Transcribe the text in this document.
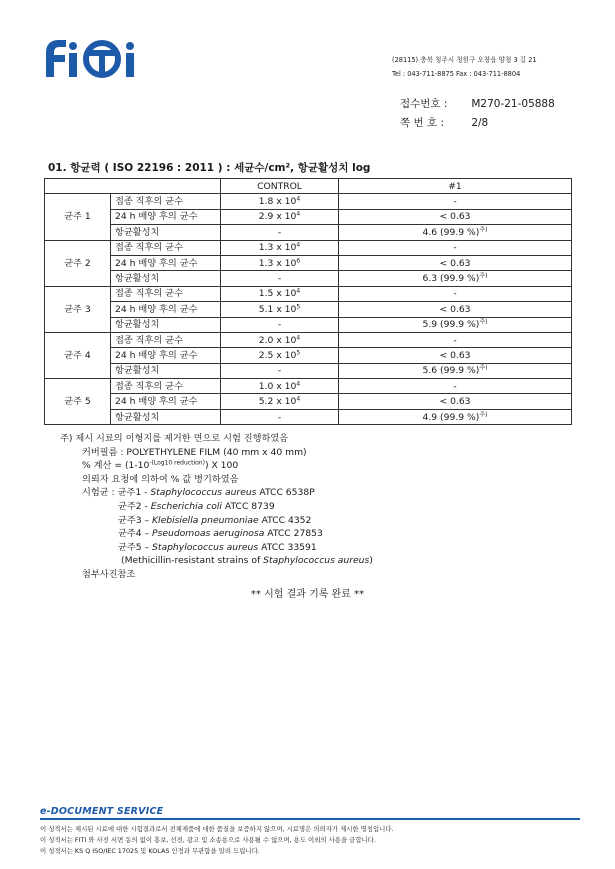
(28115) 충북 청주시 청원구 오창읍 양청 3 길 21
Tel : 043-711-8875 Fax : 043-711-8804
접수번호 : M270-21-05888
쪽 번 호 :	2/8
01. 항균력 ( ISO 22196 : 2011 ) : 세균수/cm², 항균활성치 log
		CONTROL	#1
균주 1	접종 직후의 균수	1.8 x $10^4$	-
	24 h 배양 후의 균수	2.9 x $10^4$	< 0.63
	항균활성치	-	4.6 (99.9 %)$^{주)}$
균주 2	접종 직후의 균수	1.3 x $10^4$	-
	24 h 배양 후의 균수	1.3 x $10^6$	< 0.63
	항균활성치	-	6.3 (99.9 %)$^{주)}$
균주 3	접종 직후의 균수	1.5 x $10^4$	-
	24 h 배양 후의 균수	5.1 x $10^5$	< 0.63
	항균활성치	-	5.9 (99.9 %)$^{주)}$
균주 4	접종 직후의 균수	2.0 x $10^4$	-
	24 h 배양 후의 균수	2.5 x $10^5$	< 0.63
	항균활성치	-	5.6 (99.9 %)$^{주)}$
균주 5	접종 직후의 균수	1.0 x $10^4$	-
	24 h 배양 후의 균수	5.2 x $10^4$	< 0.63
	항균활성치	-	4.9 (99.9 %)$^{주)}$
주) 제시 시료의 이형지를 제거한 면으로 시험 진행하였음
커버필름 : POLYETHYLENE FILM (40 mm x 40 mm)
% 계산 = $(1-10^{-(Log10 reduction)})$ X 100
의뢰자 요청에 의하여 % 값 병기하였음
시험균 : 균주1 - Staphylococcus aureus ATCC 6538P
균주2 - Escherichia coli ATCC 8739
균주3 – Klebisiella pneumoniae ATCC 4352
균주4 – Pseudomoas aeruginosa ATCC 27853
균주5 – Staphylococcus aureus ATCC 33591
(Methicillin-resistant strains of Staphylococcus aureus)
첨부사진참조
** 시험 결과 기록 완료 **
e-DOCUMENT SERVICE
이 성적서는 제시된 시료에 대한 시험결과로서 전체제품에 대한 품질을 보증하지 않으며, 시료명은 의뢰자가 제시한 명칭입니다.
이 성적서는 FITI 와 사전 서면 동의 없이 홍보, 선전, 광고 및 소송용으로 사용될 수 없으며, 용도 이외의 사용을 금합니다.
이 성적서는 KS Q ISO/IEC 17025 및 KOLAS 인정과 무관함을 알려 드립니다.
